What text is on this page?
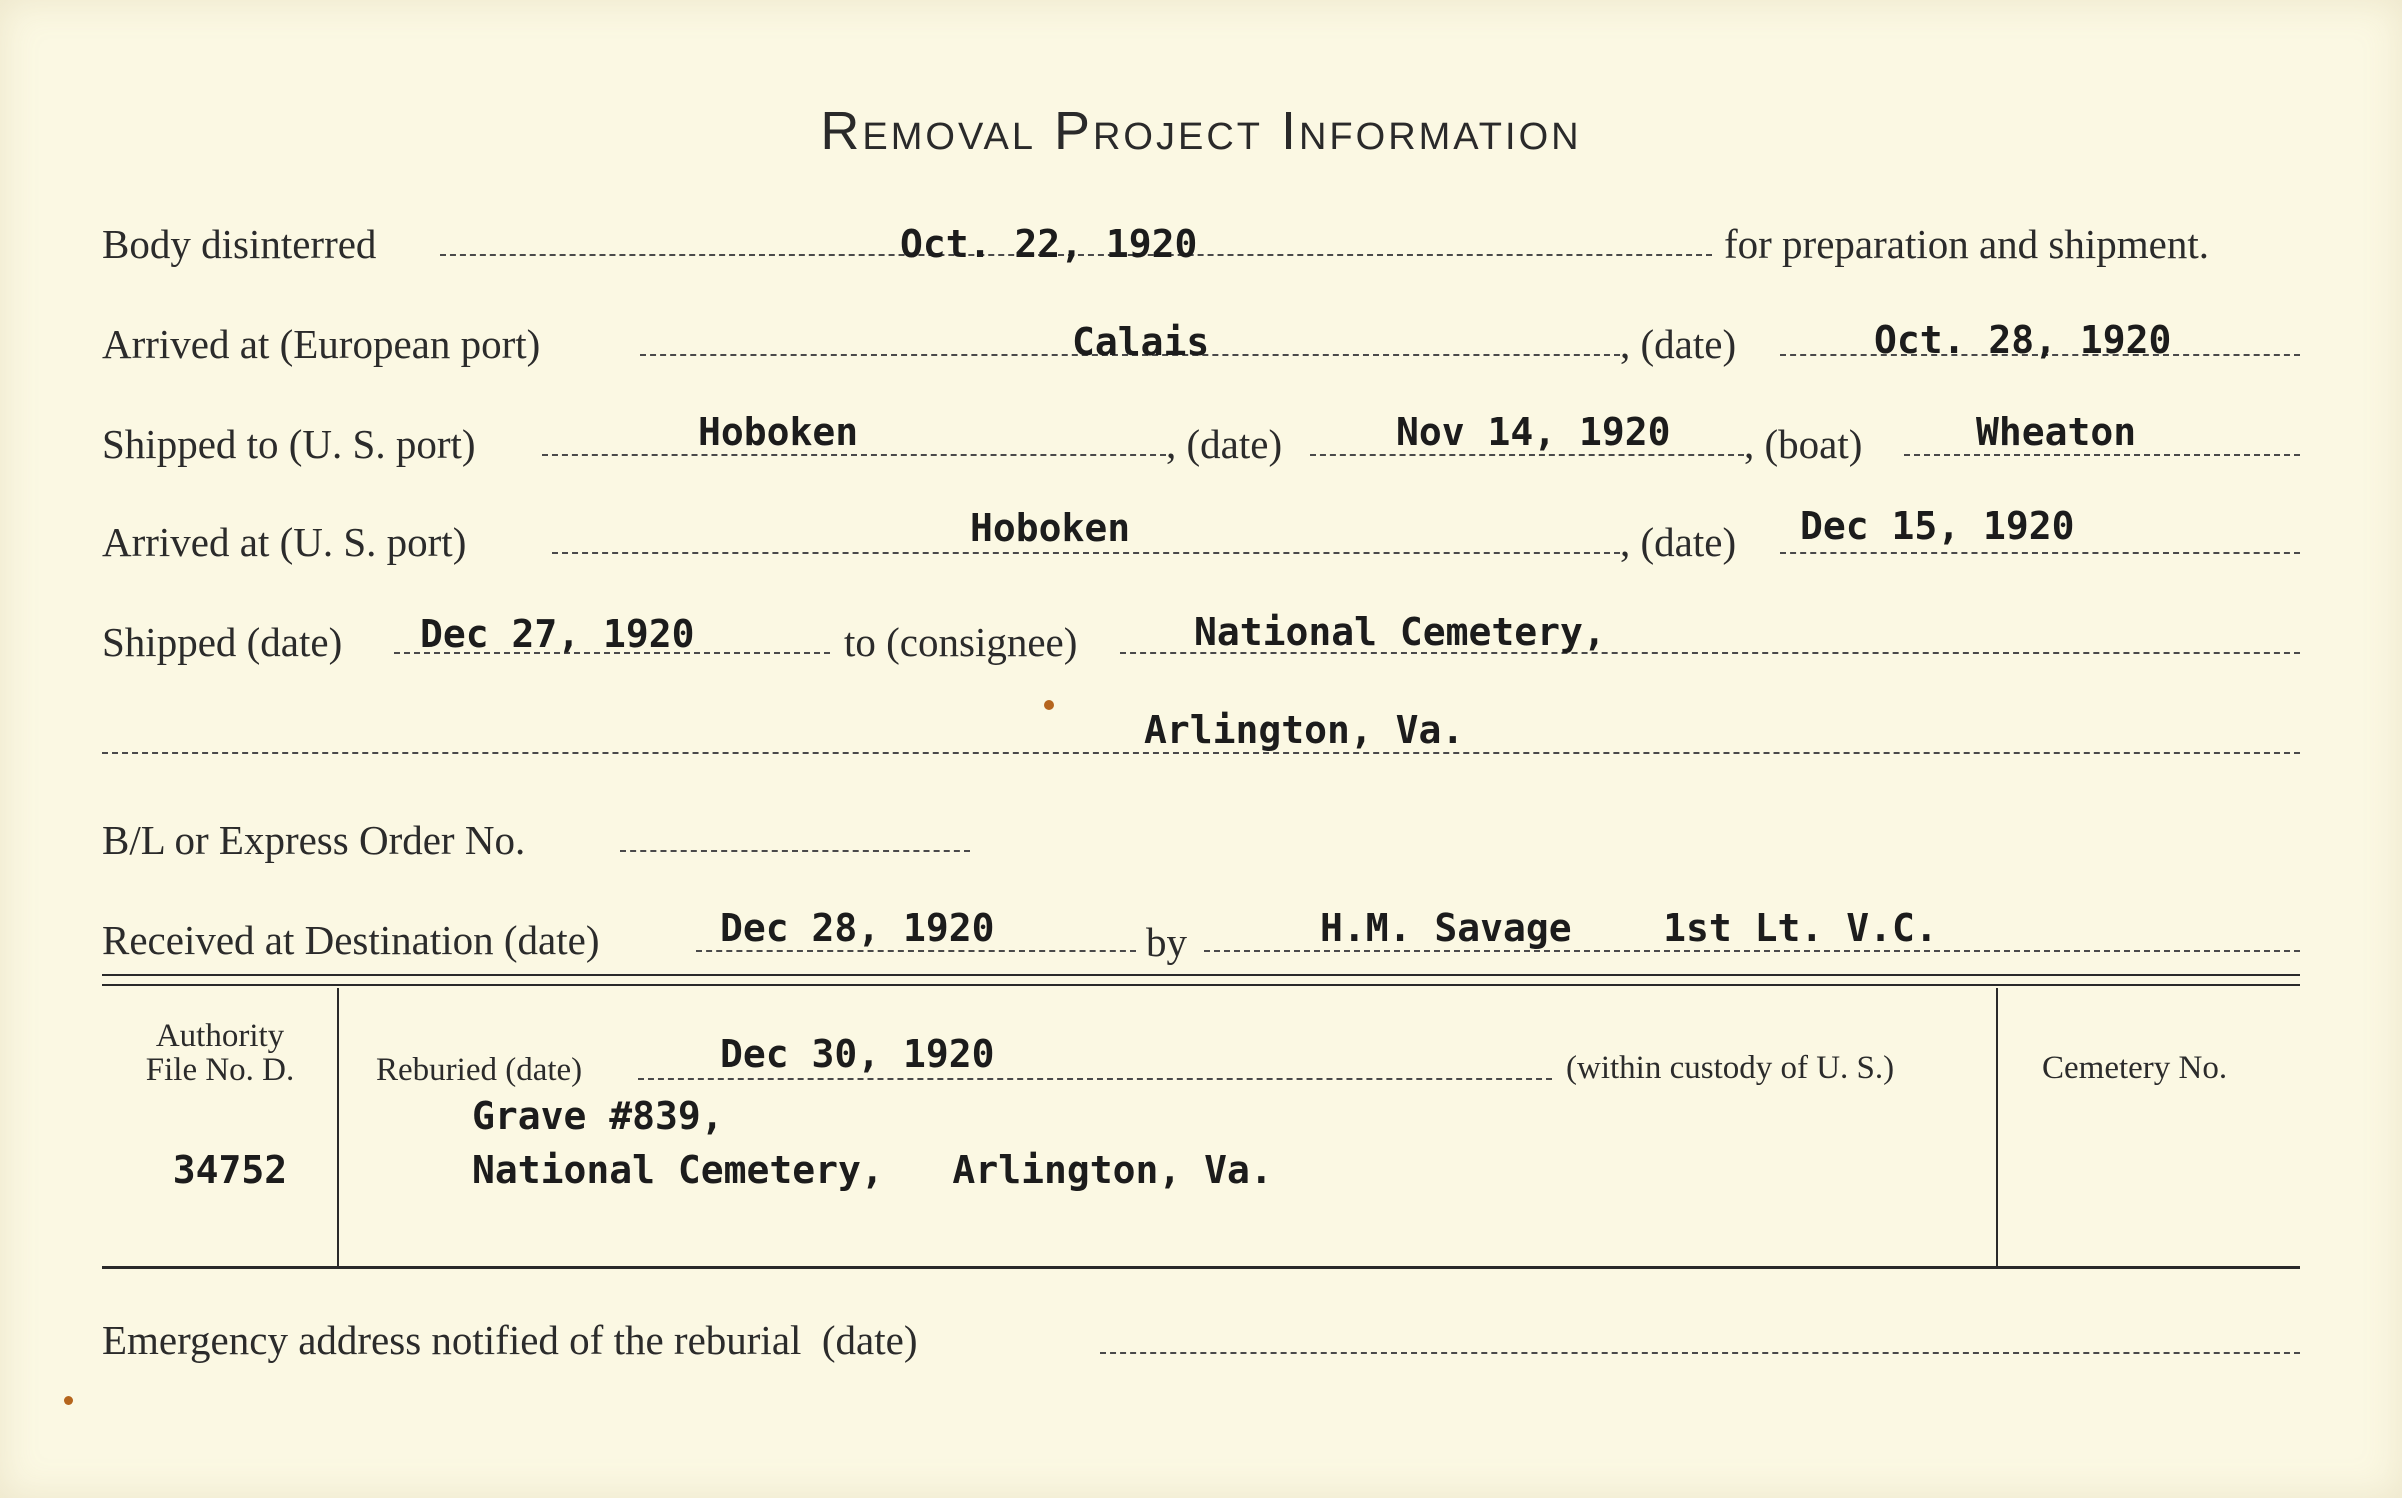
Removal Project Information
Body disinterred	Oct. 22, 1920	for preparation and shipment.
Arrived at (European port)	Calais	, (date)	Oct. 28, 1920
Shipped to (U. S. port)	Hoboken	, (date)	Nov 14, 1920 , (boat)	Wheaton
Arrived at (U. S. port)	Hoboken	, (date) Dec 15, 1920
Shipped (date) Dec 27, 1920	to (consignee)	National Cemetery,
Arlington, Va.
B/L or Express Order No.
Received at Destination (date)	Dec 28, 1920	by	H.M. Savage    1st Lt. V.C.
Authority
File No. D.
34752
Reburied (date)	Dec 30, 1920	(within custody of U. S.)
Grave #839,
National Cemetery,   Arlington, Va.
Cemetery No.
Emergency address notified of the reburial  (date)
